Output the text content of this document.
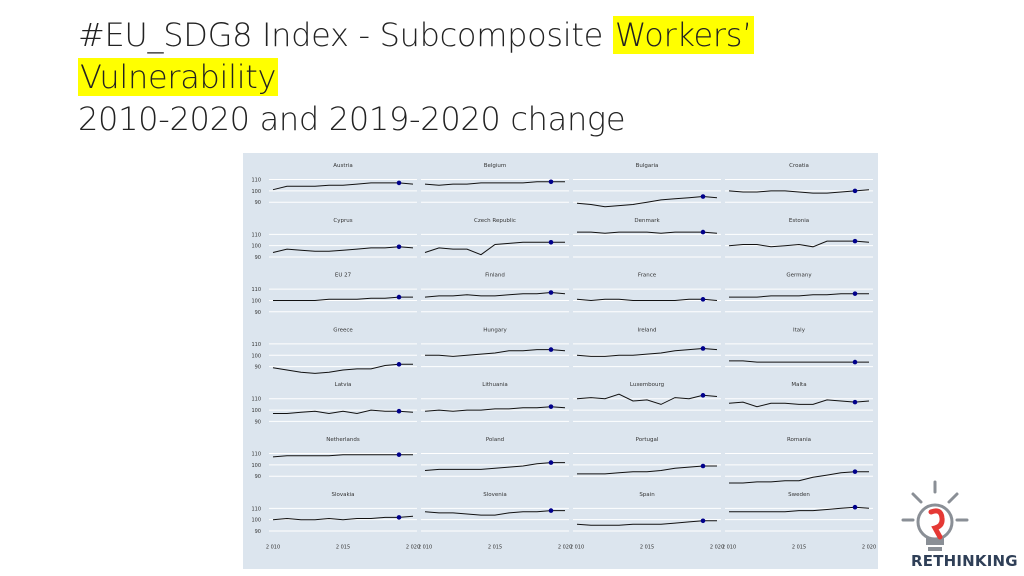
#EU_SDG8 Index - Subcomposite Workers’
Vulnerability
2010-2020 and 2019-2020 change
Austria
90
100
110
Belgium	Bulgaria	Croatia
Cyprus
90
100
110
Czech Republic	Denmark	Estonia
EU 27
90
100
110
Finland	France	Germany
Greece
90
100
110
Hungary	Ireland	Italy
Latvia
90
100
110
Lithuania	Luxembourg	Malta
Netherlands
90
100
110
Poland	Portugal	Romania
Slovakia
90
100
110
Slovenia	Spain	Sweden
2 010	2 015	2 020
2 010	2 015	2 020
2 010	2 015	2 020
2 010	2 015	2 020
RETHINKING
